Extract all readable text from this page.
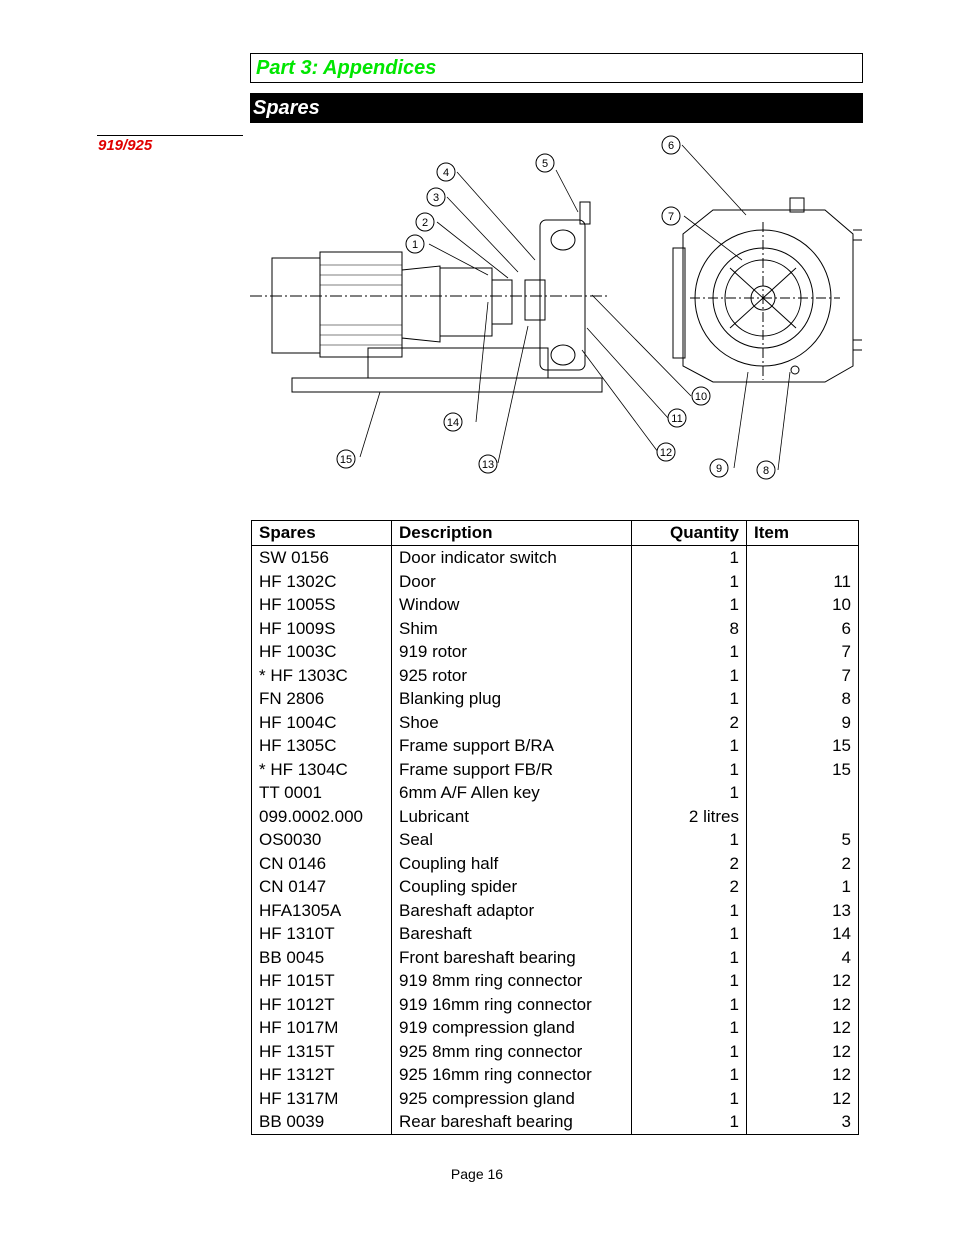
Part 3: Appendices
Spares
919/925
1
2
3
4
5
6
7
8
9
10
11
12
13
14
15
Spares	Description	Quantity	Item
SW 0156	Door indicator switch	1	
HF 1302C	Door	1	11
HF 1005S	Window	1	10
HF 1009S	Shim	8	6
HF 1003C	919 rotor	1	7
* HF 1303C	925 rotor	1	7
FN 2806	Blanking plug	1	8
HF 1004C	Shoe	2	9
HF 1305C	Frame support B/RA	1	15
* HF 1304C	Frame support FB/R	1	15
TT 0001	6mm A/F Allen key	1	
099.0002.000	Lubricant	2 litres	
OS0030	Seal	1	5
CN 0146	Coupling half	2	2
CN 0147	Coupling spider	2	1
HFA1305A	Bareshaft adaptor	1	13
HF 1310T	Bareshaft	1	14
BB 0045	Front bareshaft bearing	1	4
HF 1015T	919 8mm ring connector	1	12
HF 1012T	919 16mm ring connector	1	12
HF 1017M	919 compression gland	1	12
HF 1315T	925 8mm ring connector	1	12
HF 1312T	925 16mm ring connector	1	12
HF 1317M	925 compression gland	1	12
BB 0039	Rear bareshaft bearing	1	3
Page 16
